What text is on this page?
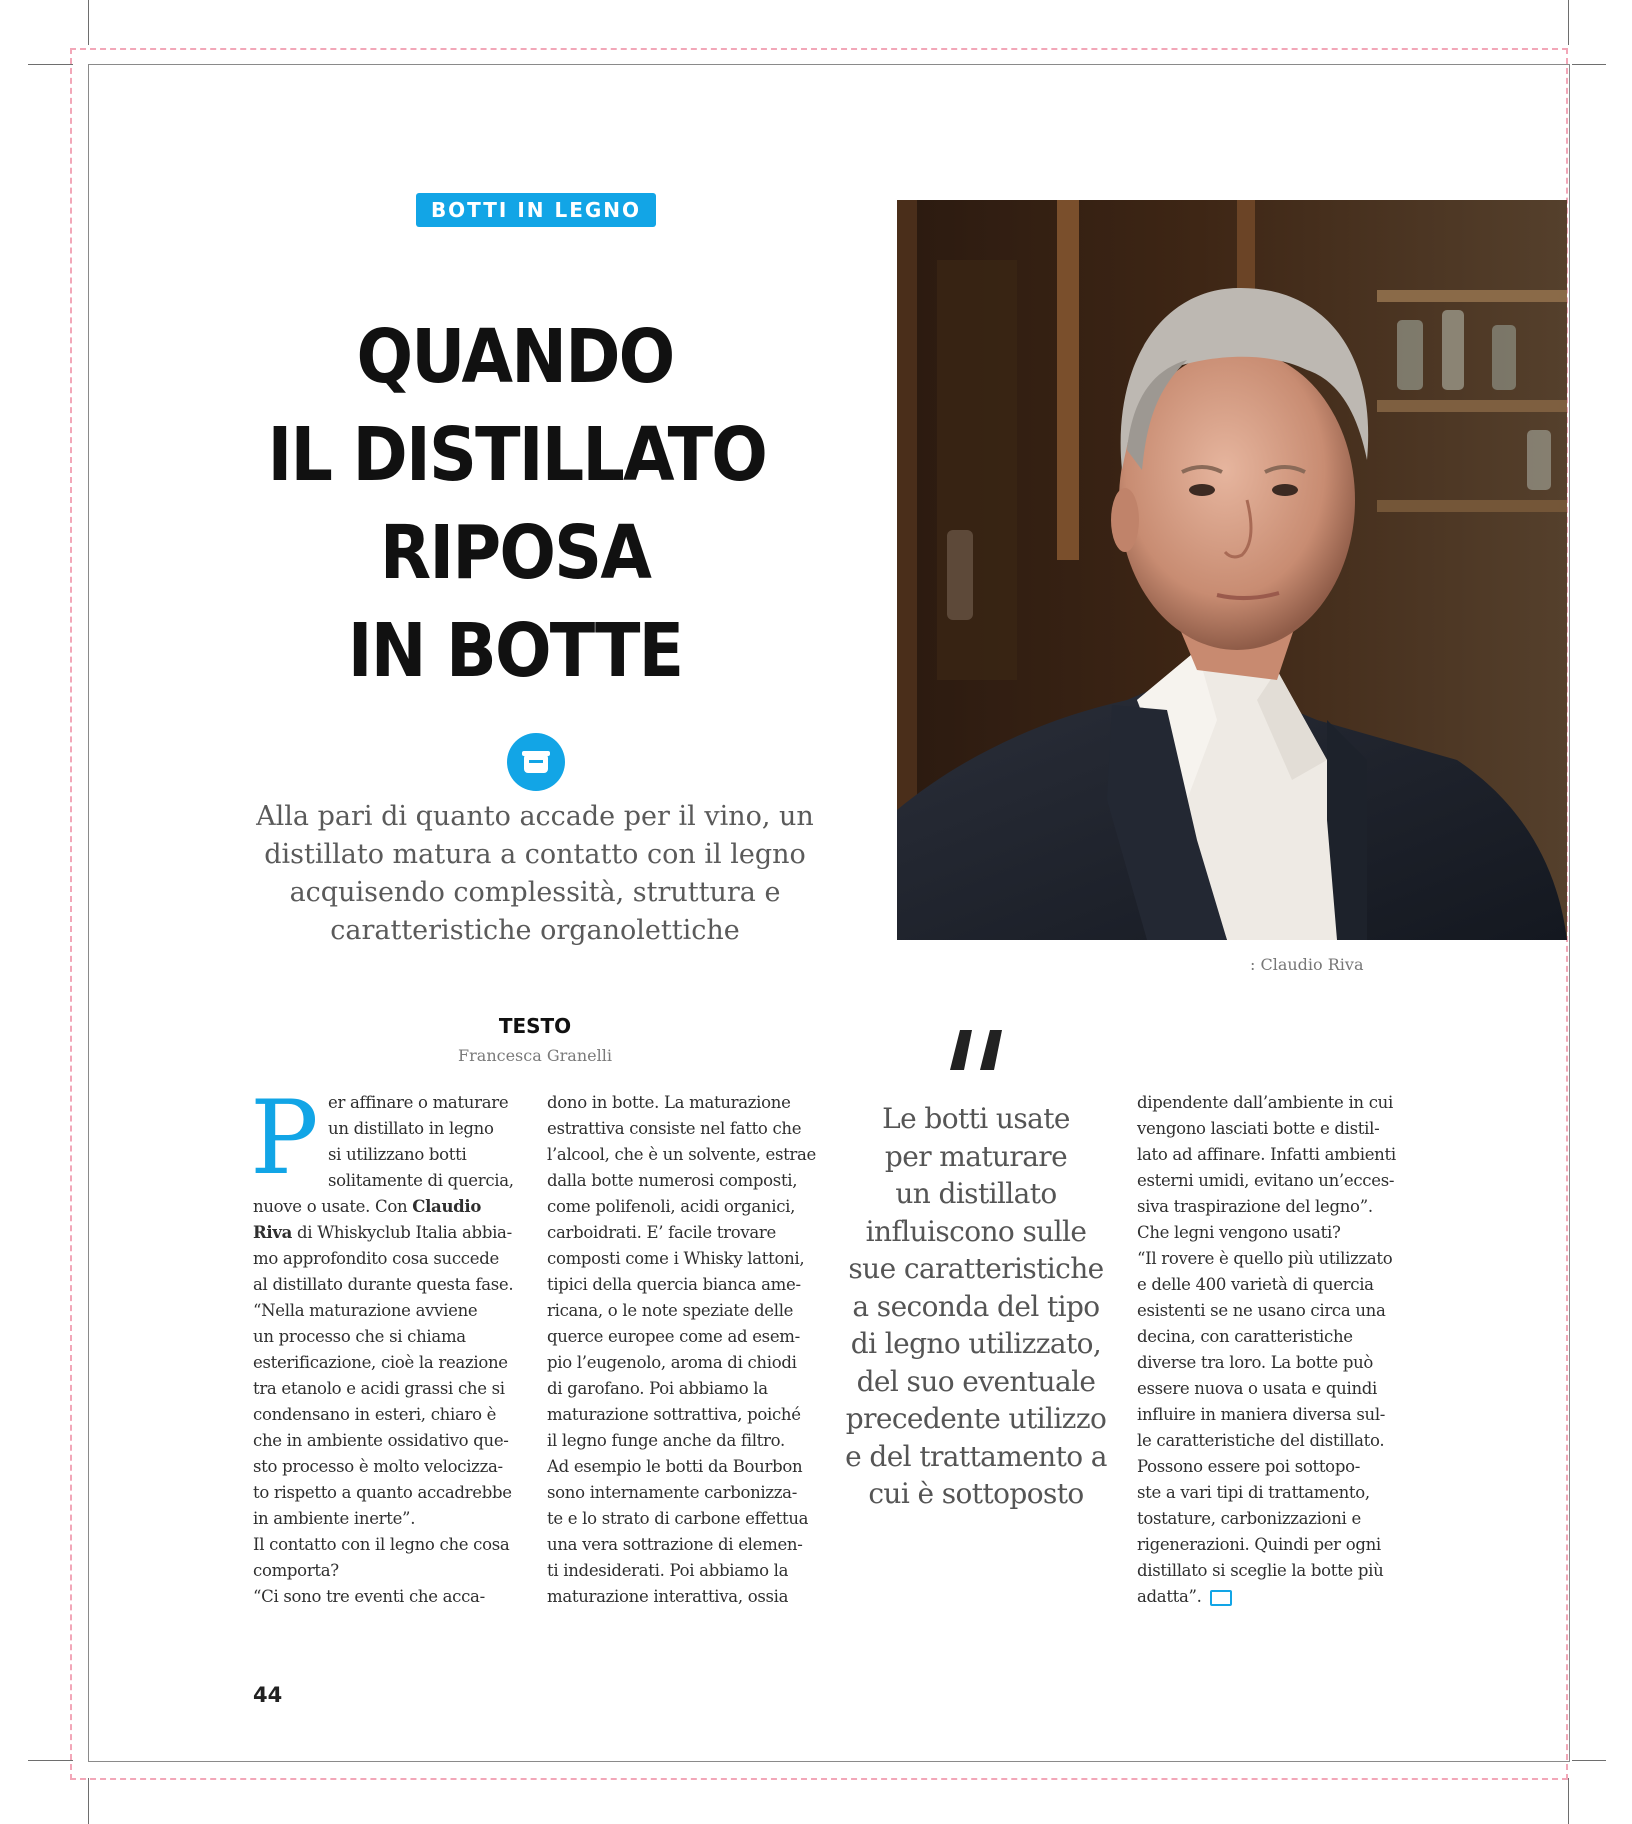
BOTTI IN LEGNO
QUANDO
IL DISTILLATO
RIPOSA
IN BOTTE

Alla pari di quanto accade per il vino, un distillato matura a contatto con il legno acquisendo complessità, struttura e caratteristiche organolettiche

: Claudio Riva
TESTO
Francesca Granelli
P er affinare o maturare

un distillato in legno

si utilizzano botti

solitamente di quercia,

nuove o usate. Con Claudio

Riva di Whiskyclub Italia abbia-

mo approfondito cosa succede

al distillato durante questa fase.

“Nella maturazione avviene

un processo che si chiama

esterificazione, cioè la reazione

tra etanolo e acidi grassi che si

condensano in esteri, chiaro è

che in ambiente ossidativo que-

sto processo è molto velocizza-

to rispetto a quanto accadrebbe

in ambiente inerte”.

Il contatto con il legno che cosa

comporta?

“Ci sono tre eventi che acca-

dono in botte. La maturazione

estrattiva consiste nel fatto che

l’alcool, che è un solvente, estrae

dalla botte numerosi composti,

come polifenoli, acidi organici,

carboidrati. E’ facile trovare

composti come i Whisky lattoni,

tipici della quercia bianca ame-

ricana, o le note speziate delle

querce europee come ad esem-

pio l’eugenolo, aroma di chiodi

di garofano. Poi abbiamo la

maturazione sottrattiva, poiché

il legno funge anche da filtro.

Ad esempio le botti da Bourbon

sono internamente carbonizza-

te e lo strato di carbone effettua

una vera sottrazione di elemen-

ti indesiderati. Poi abbiamo la

maturazione interattiva, ossia

Le botti usate
per maturare
un distillato
influiscono sulle
sue caratteristiche
a seconda del tipo
di legno utilizzato,
del suo eventuale
precedente utilizzo
e del trattamento a
cui è sottoposto

dipendente dall’ambiente in cui

vengono lasciati botte e distil-

lato ad affinare. Infatti ambienti

esterni umidi, evitano un’ecces-

siva traspirazione del legno”.

Che legni vengono usati?

“Il rovere è quello più utilizzato

e delle 400 varietà di quercia

esistenti se ne usano circa una

decina, con caratteristiche

diverse tra loro. La botte può

essere nuova o usata e quindi

influire in maniera diversa sul-

le caratteristiche del distillato.

Possono essere poi sottopo-

ste a vari tipi di trattamento,

tostature, carbonizzazioni e

rigenerazioni. Quindi per ogni

distillato si sceglie la botte più

adatta”.

44
